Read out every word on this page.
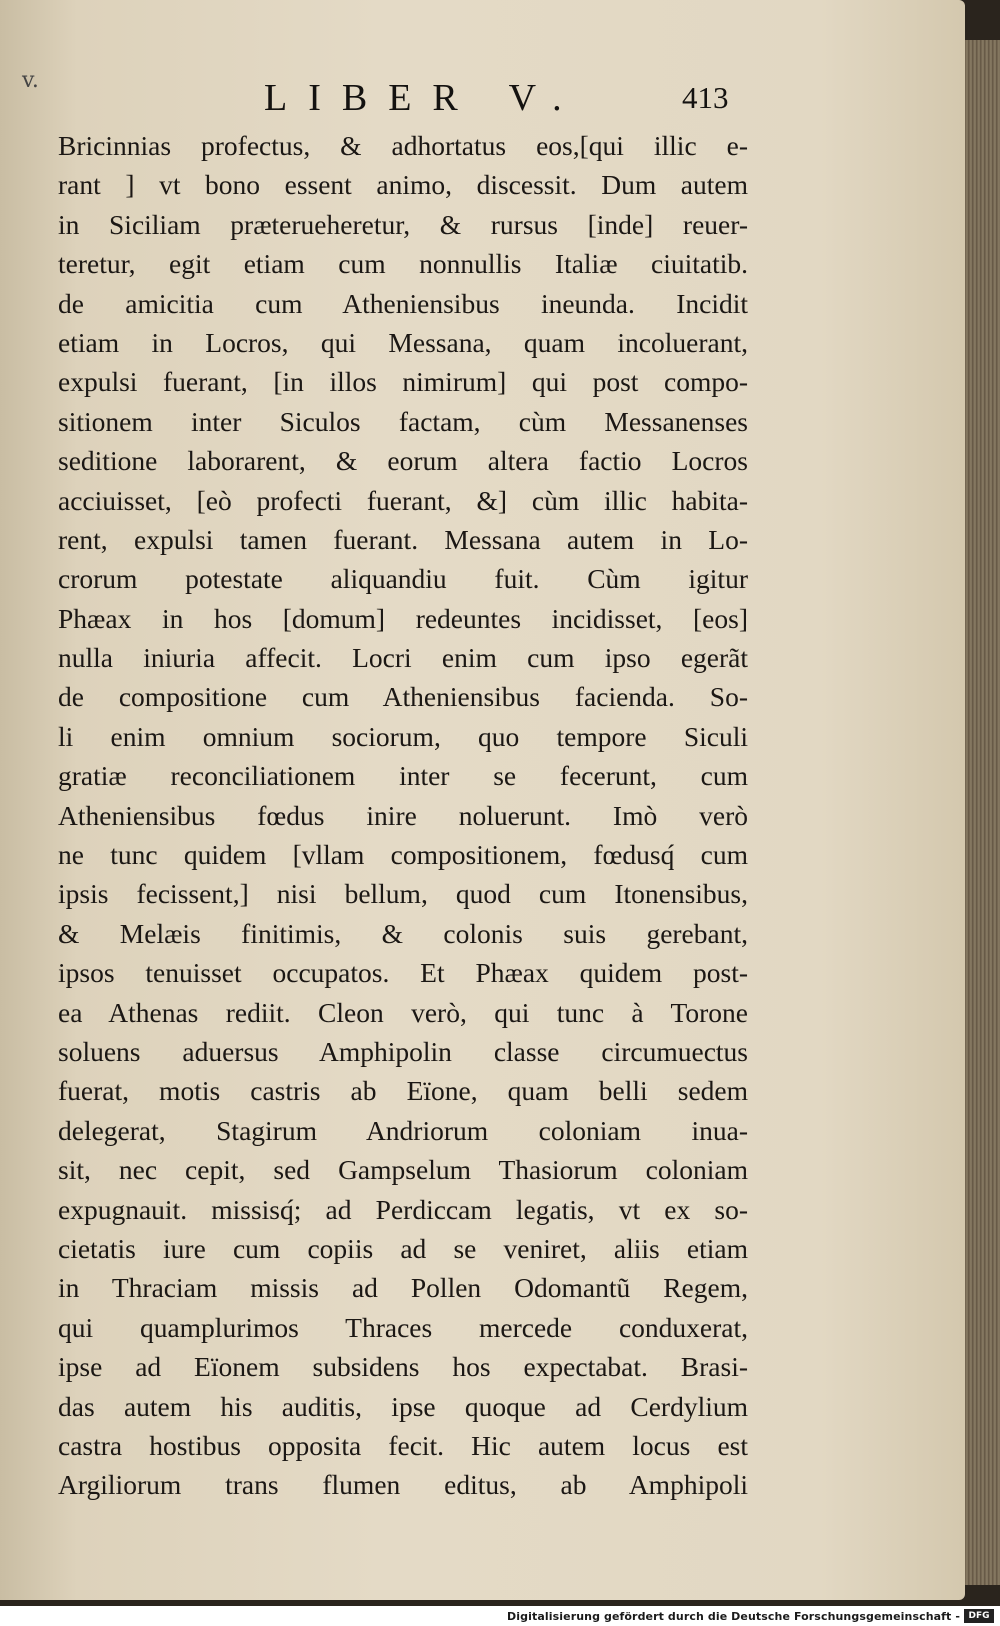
v.	LIBER V.	413
Bricinnias profectus, & adhortatus eos,[qui illic e-
rant ] vt bono essent animo, discessit. Dum autem
in Siciliam præterueheretur, & rursus [inde] reuer-
teretur, egit etiam cum nonnullis Italiæ ciuitatib.
de amicitia cum Atheniensibus ineunda. Incidit
etiam in Locros, qui Messana, quam incoluerant,
expulsi fuerant, [in illos nimirum] qui post compo-
sitionem inter Siculos factam, cùm Messanenses
seditione laborarent, & eorum altera factio Locros
acciuisset, [eò profecti fuerant, &] cùm illic habita-
rent, expulsi tamen fuerant. Messana autem in Lo-
crorum potestate aliquandiu fuit. Cùm igitur
Phæax in hos [domum] redeuntes incidisset, [eos]
nulla iniuria affecit. Locri enim cum ipso egerãt
de compositione cum Atheniensibus facienda. So-
li enim omnium sociorum, quo tempore Siculi
gratiæ reconciliationem inter se fecerunt, cum
Atheniensibus fœdus inire noluerunt. Imò verò
ne tunc quidem [vllam compositionem, fœdusq́ cum
ipsis fecissent,] nisi bellum, quod cum Itonensibus,
& Melæis finitimis, & colonis suis gerebant,
ipsos tenuisset occupatos. Et Phæax quidem post-
ea Athenas rediit. Cleon verò, qui tunc à Torone
soluens aduersus Amphipolin classe circumuectus
fuerat, motis castris ab Eïone, quam belli sedem
delegerat, Stagirum Andriorum coloniam inua-
sit, nec cepit, sed Gampselum Thasiorum coloniam
expugnauit. missisq́; ad Perdiccam legatis, vt ex so-
cietatis iure cum copiis ad se veniret, aliis etiam
in Thraciam missis ad Pollen Odomantũ Regem,
qui quamplurimos Thraces mercede conduxerat,
ipse ad Eïonem subsidens hos expectabat. Brasi-
das autem his auditis, ipse quoque ad Cerdylium
castra hostibus opposita fecit. Hic autem locus est
Argiliorum trans flumen editus, ab Amphipoli
Digitalisierung gefördert durch die Deutsche Forschungsgemeinschaft - DFG
